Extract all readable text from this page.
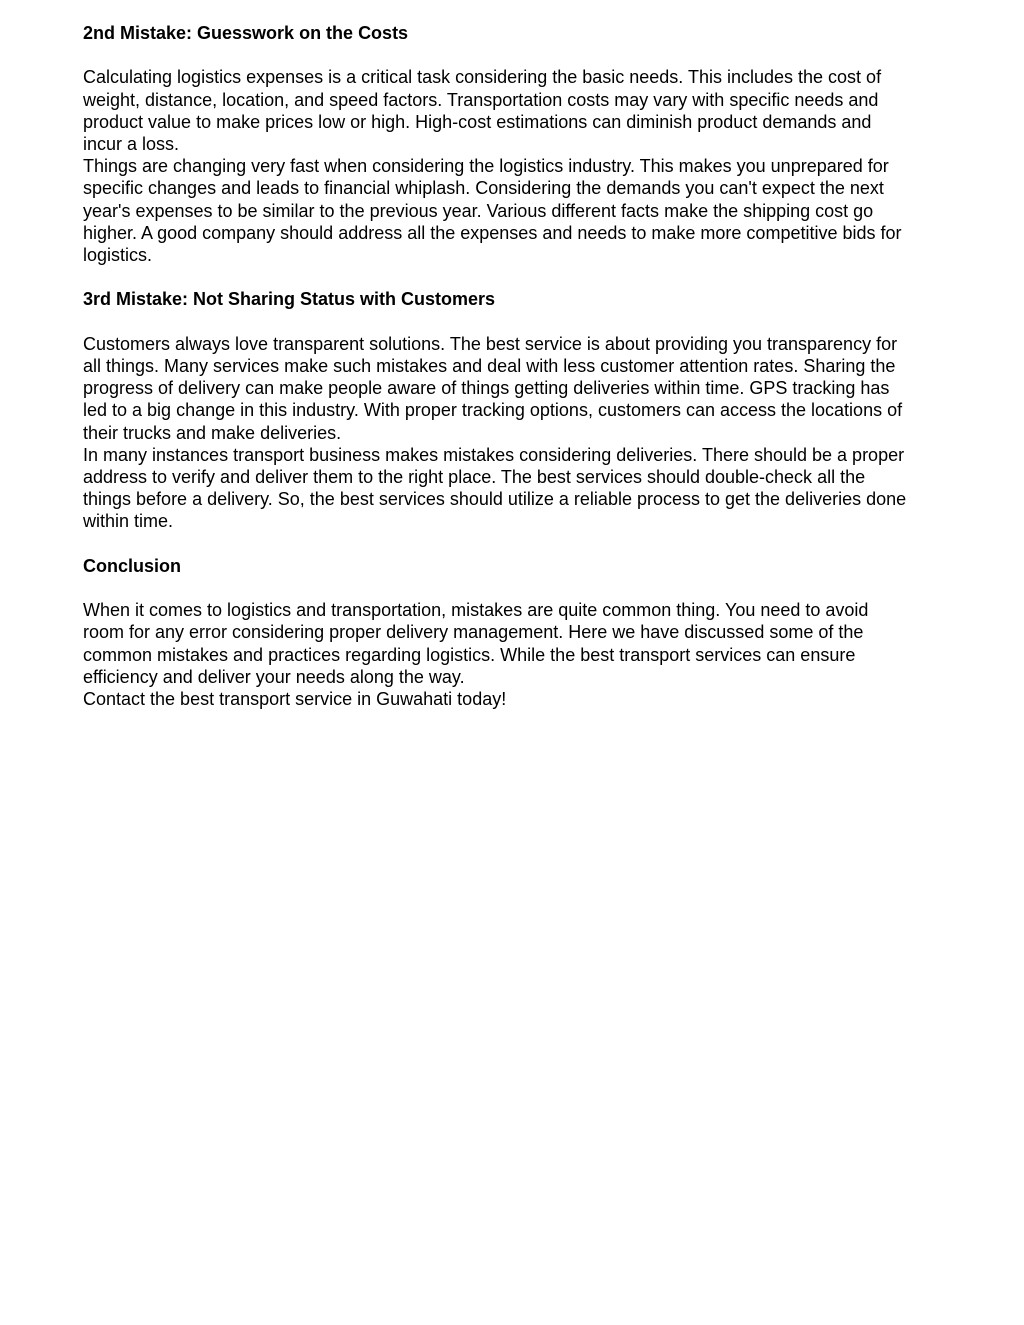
2nd Mistake: Guesswork on the Costs

Calculating logistics expenses is a critical task considering the basic needs. This includes the cost of weight, distance, location, and speed factors. Transportation costs may vary with specific needs and product value to make prices low or high. High-cost estimations can diminish product demands and incur a loss.

Things are changing very fast when considering the logistics industry. This makes you unprepared for specific changes and leads to financial whiplash. Considering the demands you can't expect the next year's expenses to be similar to the previous year. Various different facts make the shipping cost go higher. A good company should address all the expenses and needs to make more competitive bids for logistics.

3rd Mistake: Not Sharing Status with Customers

Customers always love transparent solutions. The best service is about providing you transparency for all things. Many services make such mistakes and deal with less customer attention rates. Sharing the progress of delivery can make people aware of things getting deliveries within time. GPS tracking has led to a big change in this industry. With proper tracking options, customers can access the locations of their trucks and make deliveries.

In many instances transport business makes mistakes considering deliveries. There should be a proper address to verify and deliver them to the right place. The best services should double-check all the things before a delivery. So, the best services should utilize a reliable process to get the deliveries done within time.

Conclusion

When it comes to logistics and transportation, mistakes are quite common thing. You need to avoid room for any error considering proper delivery management. Here we have discussed some of the common mistakes and practices regarding logistics. While the best transport services can ensure efficiency and deliver your needs along the way.

Contact the best transport service in Guwahati today!
